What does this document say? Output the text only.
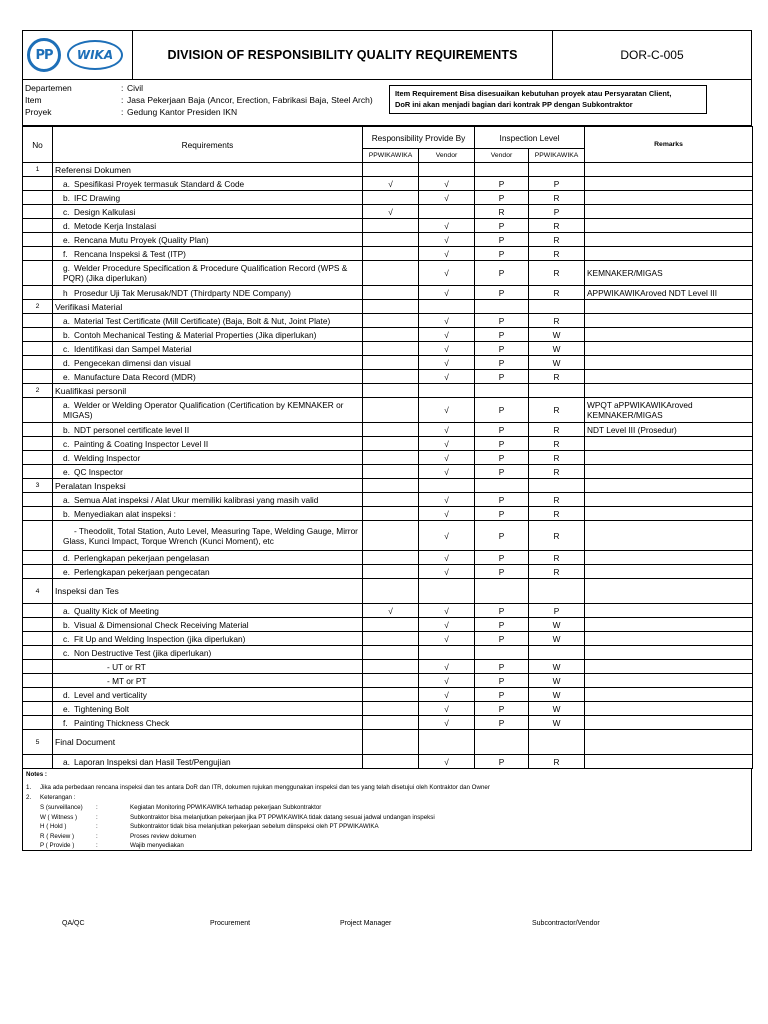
PP WIKA	DIVISION OF RESPONSIBILITY QUALITY REQUIREMENTS	DOR-C-005
Departemen	: Civil
Item	: Jasa Pekerjaan Baja (Ancor, Erection, Fabrikasi Baja, Steel Arch)
Proyek	: Gedung Kantor Presiden IKN
Item Requirement Bisa disesuaikan kebutuhan proyek atau Persyaratan Client,
DoR ini akan menjadi bagian dari kontrak PP dengan Subkontraktor
No	Requirements	Responsibility Provide By		Inspection Level		Remarks
		PPWIKAWIKA	Vendor	Vendor	PPWIKAWIKA	
1	Referensi Dokumen					
	a. Spesifikasi Proyek termasuk Standard & Code	√	√	P	P	
	b. IFC Drawing		√	P	R	
	c. Design Kalkulasi	√		R	P	
	d. Metode Kerja Instalasi		√	P	R	
	e. Rencana Mutu Proyek (Quality Plan)		√	P	R	
	f. Rencana Inspeksi & Test (ITP)		√	P	R	
	g. Welder Procedure Specification & Procedure Qualification Record (WPS & PQR) (Jika diperlukan)		√	P	R	KEMNAKER/MIGAS
	h Prosedur Uji Tak Merusak/NDT (Thirdparty NDE Company)		√	P	R	APPWIKAWIKAroved NDT Level III
2	Verifikasi Material					
	a. Material Test Certificate (Mill Certificate) (Baja, Bolt & Nut, Joint Plate)		√	P	R	
	b. Contoh Mechanical Testing & Material Properties (Jika diperlukan)		√	P	W	
	c. Identifikasi dan Sampel Material		√	P	W	
	d. Pengecekan dimensi dan visual		√	P	W	
	e. Manufacture Data Record (MDR)		√	P	R	
2	Kualifikasi personil					
	a. Welder or Welding Operator Qualification (Certification by KEMNAKER or MIGAS)		√	P	R	WPQT aPPWIKAWIKAroved KEMNAKER/MIGAS
	b. NDT personel certificate level II		√	P	R	NDT Level III (Prosedur)
	c. Painting & Coating Inspector Level II		√	P	R	
	d. Welding Inspector		√	P	R	
	e. QC Inspector		√	P	R	
3	Peralatan Inspeksi					
	a. Semua Alat inspeksi / Alat Ukur memiliki kalibrasi yang masih valid		√	P	R	
	b. Menyediakan alat inspeksi :		√	P	R	
	- Theodolit, Total Station, Auto Level, Measuring Tape, Welding Gauge, Mirror Glass, Kunci Impact, Torque Wrench (Kunci Moment), etc		√	P	R	
	d. Perlengkapan pekerjaan pengelasan		√	P	R	
	e. Perlengkapan pekerjaan pengecatan		√	P	R	
4	Inspeksi dan Tes					
	a. Quality Kick of Meeting	√	√	P	P	
	b. Visual & Dimensional Check Receiving Material		√	P	W	
	c. Fit Up and Welding Inspection (jika diperlukan)		√	P	W	
	c. Non Destructive Test (jika diperlukan)					
	- UT or RT		√	P	W	
	- MT or PT		√	P	W	
	d. Level and verticality		√	P	W	
	e. Tightening Bolt		√	P	W	
	f. Painting Thickness Check		√	P	W	
5	Final Document					
	a. Laporan Inspeksi dan Hasil Test/Pengujian		√	P	R	
Notes :
1. Jika ada perbedaan rencana inspeksi dan tes antara DoR dan ITR, dokumen rujukan menggunakan inspeksi dan tes yang telah disetujui oleh Kontraktor dan Owner
2. Keterangan :
S (surveillance) :	Kegiatan Monitoring PPWIKAWIKA terhadap pekerjaan Subkontraktor
W ( Witness )	:	Subkontraktor bisa melanjutkan pekerjaan jika PT PPWIKAWIKA tidak datang sesuai jadwal undangan inspeksi
H ( Hold )	:	Subkontraktor tidak bisa melanjutkan pekerjaan sebelum diinspeksi oleh PT PPWIKAWIKA
R ( Review )	:	Proses review dokumen
P ( Provide )	:	Wajib menyediakan
QA/QC	Procurement	Project Manager	Subcontractor/Vendor
